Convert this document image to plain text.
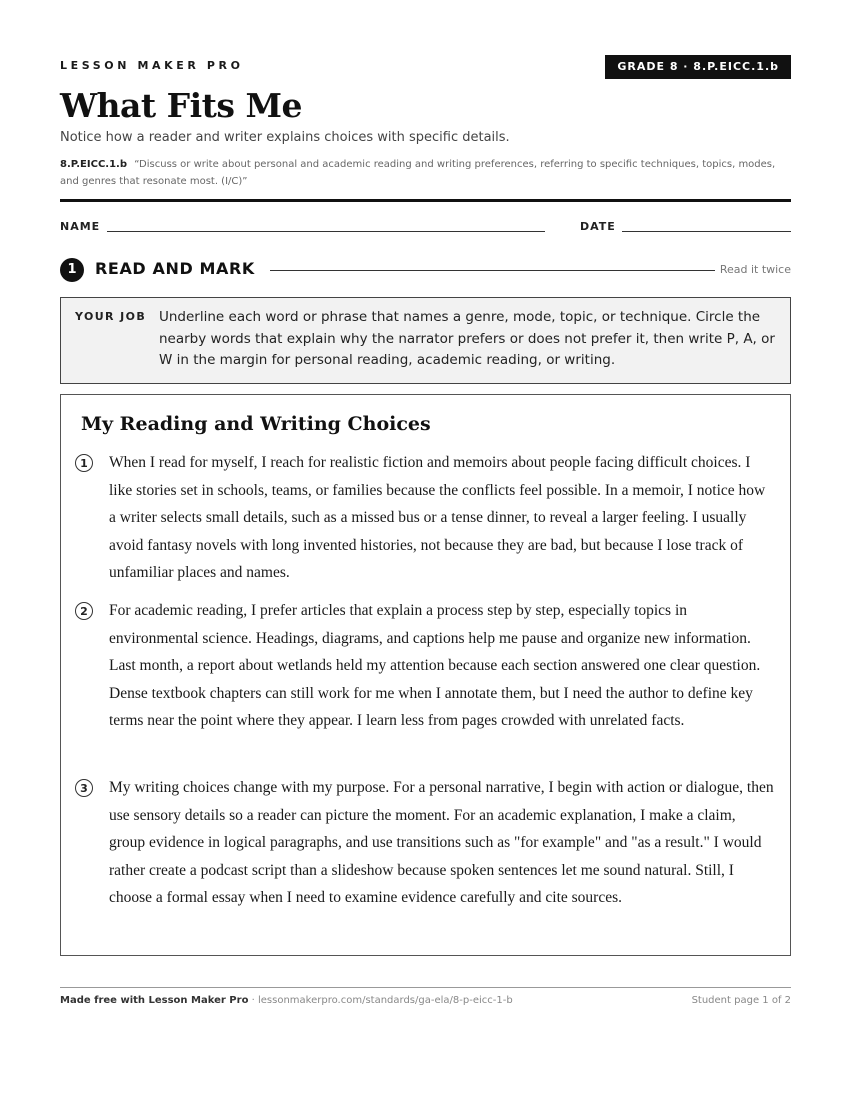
LESSON MAKER PRO	GRADE 8 · 8.P.EICC.1.b
What Fits Me
Notice how a reader and writer explains choices with specific details.
8.P.EICC.1.b “Discuss or write about personal and academic reading and writing preferences, referring to specific techniques, topics, modes, and genres that resonate most. (I/C)”
NAME	DATE
1	READ AND MARK	Read it twice
YOUR JOB Underline each word or phrase that names a genre, mode, topic, or technique. Circle the nearby words that explain why the narrator prefers or does not prefer it, then write P, A, or W in the margin for personal reading, academic reading, or writing.
My Reading and Writing Choices
1	When I read for myself, I reach for realistic fiction and memoirs about people facing difficult choices. I like stories set in schools, teams, or families because the conflicts feel possible. In a memoir, I notice how a writer selects small details, such as a missed bus or a tense dinner, to reveal a larger feeling. I usually avoid fantasy novels with long invented histories, not because they are bad, but because I lose track of unfamiliar places and names.
2	For academic reading, I prefer articles that explain a process step by step, especially topics in environmental science. Headings, diagrams, and captions help me pause and organize new information. Last month, a report about wetlands held my attention because each section answered one clear question. Dense textbook chapters can still work for me when I annotate them, but I need the author to define key terms near the point where they appear. I learn less from pages crowded with unrelated facts.
3	My writing choices change with my purpose. For a personal narrative, I begin with action or dialogue, then use sensory details so a reader can picture the moment. For an academic explanation, I make a claim, group evidence in logical paragraphs, and use transitions such as "for example" and "as a result." I would rather create a podcast script than a slideshow because spoken sentences let me sound natural. Still, I choose a formal essay when I need to examine evidence carefully and cite sources.
Made free with Lesson Maker Pro · lessonmakerpro.com/standards/ga-ela/8-p-eicc-1-b	Student page 1 of 2
